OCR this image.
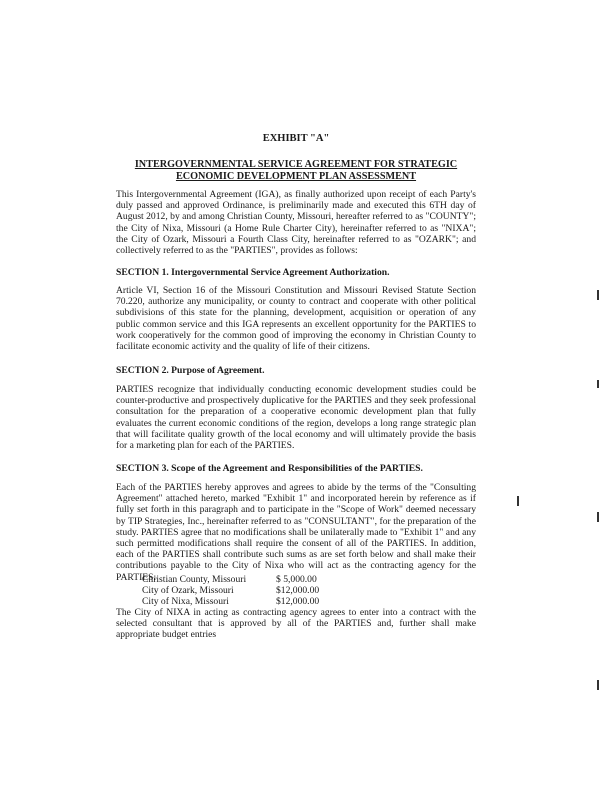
EXHIBIT "A"
INTERGOVERNMENTAL SERVICE AGREEMENT FOR STRATEGIC ECONOMIC DEVELOPMENT PLAN ASSESSMENT
This Intergovernmental Agreement (IGA), as finally authorized upon receipt of each Party's duly passed and approved Ordinance, is preliminarily made and executed this 6TH day of August 2012, by and among Christian County, Missouri, hereafter referred to as "COUNTY"; the City of Nixa, Missouri (a Home Rule Charter City), hereinafter referred to as "NIXA"; the City of Ozark, Missouri a Fourth Class City, hereinafter referred to as "OZARK"; and collectively referred to as the "PARTIES", provides as follows:
SECTION 1. Intergovernmental Service Agreement Authorization.
Article VI, Section 16 of the Missouri Constitution and Missouri Revised Statute Section 70.220, authorize any municipality, or county to contract and cooperate with other political subdivisions of this state for the planning, development, acquisition or operation of any public common service and this IGA represents an excellent opportunity for the PARTIES to work cooperatively for the common good of improving the economy in Christian County to facilitate economic activity and the quality of life of their citizens.
SECTION 2. Purpose of Agreement.
PARTIES recognize that individually conducting economic development studies could be counter-productive and prospectively duplicative for the PARTIES and they seek professional consultation for the preparation of a cooperative economic development plan that fully evaluates the current economic conditions of the region, develops a long range strategic plan that will facilitate quality growth of the local economy and will ultimately provide the basis for a marketing plan for each of the PARTIES.
SECTION 3. Scope of the Agreement and Responsibilities of the PARTIES.
Each of the PARTIES hereby approves and agrees to abide by the terms of the "Consulting Agreement" attached hereto, marked "Exhibit 1" and incorporated herein by reference as if fully set forth in this paragraph and to participate in the "Scope of Work" deemed necessary by TIP Strategies, Inc., hereinafter referred to as "CONSULTANT", for the preparation of the study. PARTIES agree that no modifications shall be unilaterally made to "Exhibit 1" and any such permitted modifications shall require the consent of all of the PARTIES. In addition, each of the PARTIES shall contribute such sums as are set forth below and shall make their contributions payable to the City of Nixa who will act as the contracting agency for the PARTIES:
Christian County, Missouri	$ 5,000.00
City of Ozark, Missouri	$12,000.00
City of Nixa, Missouri	$12,000.00
The City of NIXA in acting as contracting agency agrees to enter into a contract with the selected consultant that is approved by all of the PARTIES and, further shall make appropriate budget entries
